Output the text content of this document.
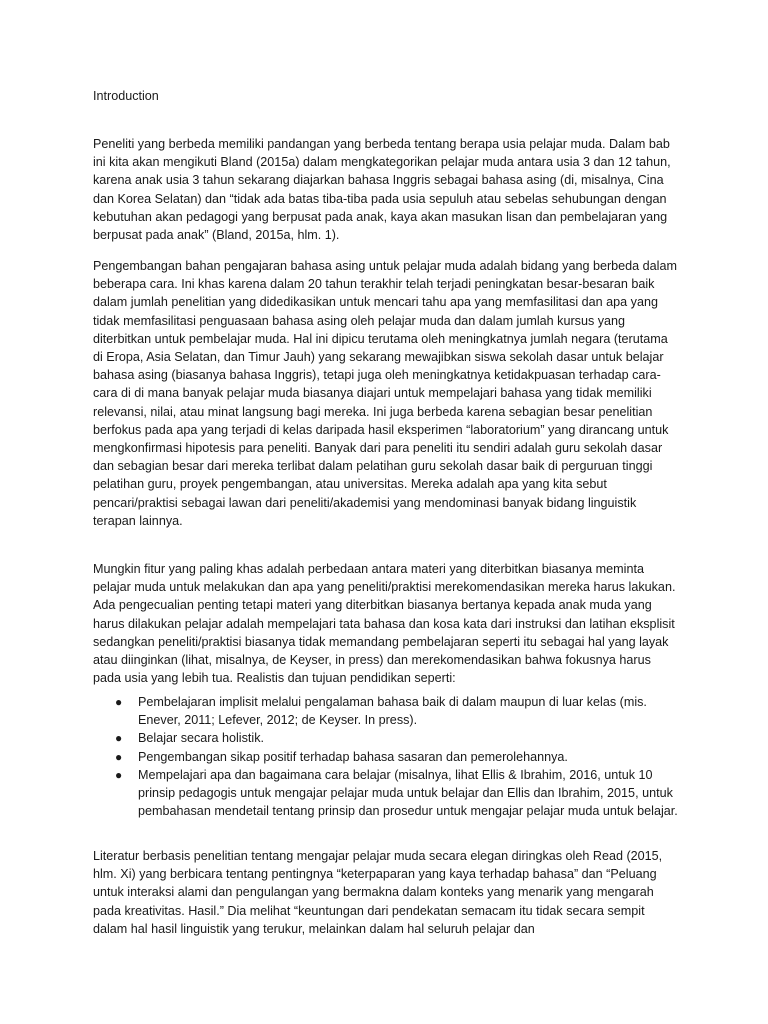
Introduction

Peneliti yang berbeda memiliki pandangan yang berbeda tentang berapa usia pelajar muda. Dalam bab ini kita akan mengikuti Bland (2015a) dalam mengkategorikan pelajar muda antara usia 3 dan 12 tahun, karena anak usia 3 tahun sekarang diajarkan bahasa Inggris sebagai bahasa asing (di, misalnya, Cina dan Korea Selatan) dan “tidak ada batas tiba-tiba pada usia sepuluh atau sebelas sehubungan dengan kebutuhan akan pedagogi yang berpusat pada anak, kaya akan masukan lisan dan pembelajaran yang berpusat pada anak” (Bland, 2015a, hlm. 1).

Pengembangan bahan pengajaran bahasa asing untuk pelajar muda adalah bidang yang berbeda dalam beberapa cara. Ini khas karena dalam 20 tahun terakhir telah terjadi peningkatan besar-besaran baik dalam jumlah penelitian yang didedikasikan untuk mencari tahu apa yang memfasilitasi dan apa yang tidak memfasilitasi penguasaan bahasa asing oleh pelajar muda dan dalam jumlah kursus yang diterbitkan untuk pembelajar muda. Hal ini dipicu terutama oleh meningkatnya jumlah negara (terutama di Eropa, Asia Selatan, dan Timur Jauh) yang sekarang mewajibkan siswa sekolah dasar untuk belajar bahasa asing (biasanya bahasa Inggris), tetapi juga oleh meningkatnya ketidakpuasan terhadap cara-cara di di mana banyak pelajar muda biasanya diajari untuk mempelajari bahasa yang tidak memiliki relevansi, nilai, atau minat langsung bagi mereka. Ini juga berbeda karena sebagian besar penelitian berfokus pada apa yang terjadi di kelas daripada hasil eksperimen “laboratorium” yang dirancang untuk mengkonfirmasi hipotesis para peneliti. Banyak dari para peneliti itu sendiri adalah guru sekolah dasar dan sebagian besar dari mereka terlibat dalam pelatihan guru sekolah dasar baik di perguruan tinggi pelatihan guru, proyek pengembangan, atau universitas. Mereka adalah apa yang kita sebut pencari/praktisi sebagai lawan dari peneliti/akademisi yang mendominasi banyak bidang linguistik terapan lainnya.

Mungkin fitur yang paling khas adalah perbedaan antara materi yang diterbitkan biasanya meminta pelajar muda untuk melakukan dan apa yang peneliti/praktisi merekomendasikan mereka harus lakukan. Ada pengecualian penting tetapi materi yang diterbitkan biasanya bertanya kepada anak muda yang harus dilakukan pelajar adalah mempelajari tata bahasa dan kosa kata dari instruksi dan latihan eksplisit sedangkan peneliti/praktisi biasanya tidak memandang pembelajaran seperti itu sebagai hal yang layak atau diinginkan (lihat, misalnya, de Keyser, in press) dan merekomendasikan bahwa fokusnya harus pada usia yang lebih tua. Realistis dan tujuan pendidikan seperti:

● Pembelajaran implisit melalui pengalaman bahasa baik di dalam maupun di luar kelas (mis. Enever, 2011; Lefever, 2012; de Keyser. In press).
● Belajar secara holistik.
● Pengembangan sikap positif terhadap bahasa sasaran dan pemerolehannya.
● Mempelajari apa dan bagaimana cara belajar (misalnya, lihat Ellis & Ibrahim, 2016, untuk 10 prinsip pedagogis untuk mengajar pelajar muda untuk belajar dan Ellis dan Ibrahim, 2015, untuk pembahasan mendetail tentang prinsip dan prosedur untuk mengajar pelajar muda untuk belajar.

Literatur berbasis penelitian tentang mengajar pelajar muda secara elegan diringkas oleh Read (2015, hlm. Xi) yang berbicara tentang pentingnya “keterpaparan yang kaya terhadap bahasa” dan “Peluang untuk interaksi alami dan pengulangan yang bermakna dalam konteks yang menarik yang mengarah pada kreativitas. Hasil.” Dia melihat “keuntungan dari pendekatan semacam itu tidak secara sempit dalam hal hasil linguistik yang terukur, melainkan dalam hal seluruh pelajar dan
